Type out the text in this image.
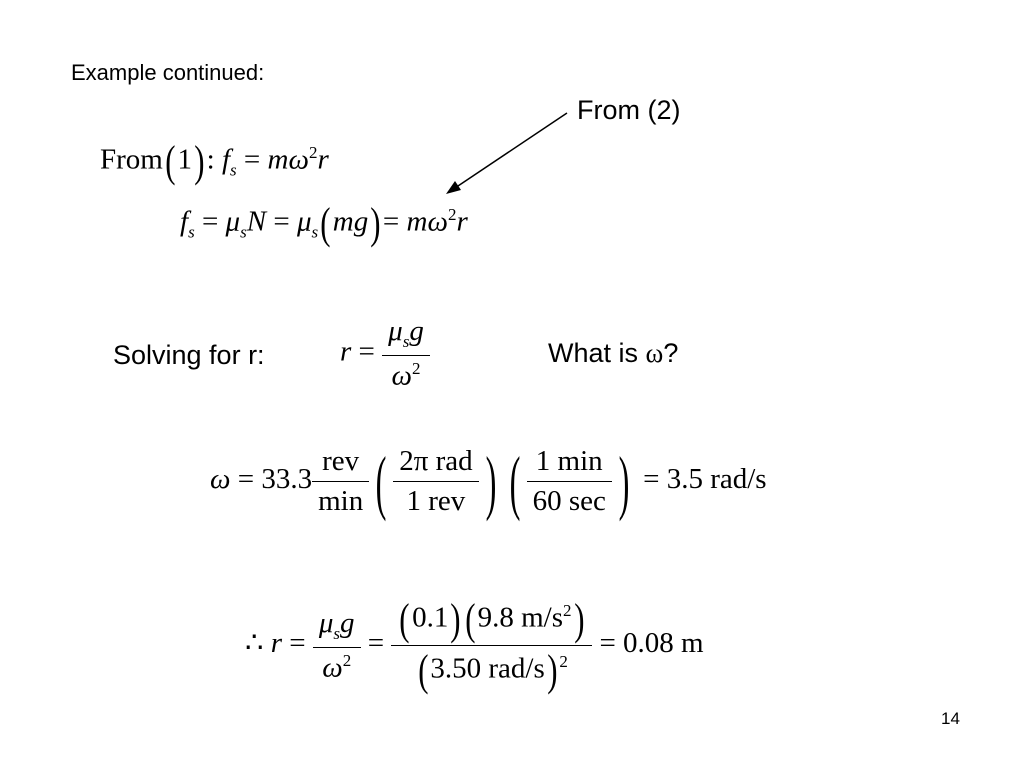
Example continued:
From (2)
From(1): $f_s = m\omega^2r$
$f_s = \mu_sN = \mu_s(mg)= m\omega^2r$
Solving for r:	$r = \frac{\mu_sg}{\omega^2}$	What is ω?
$\omega = 33.3 \frac{\text{rev}}{\min}$ ( $\frac{\text{2π rad}}{\text{1 rev}}$ ) ( $\frac{1 \min}{60 \sec}$ ) = 3.5 rad/s
∴ $r = \frac{\mu_sg}{\omega^2} = \frac{(0.1)(9.8 m/s^2)}{(3.50 rad/s) ^2} = 0.08$ m
14
